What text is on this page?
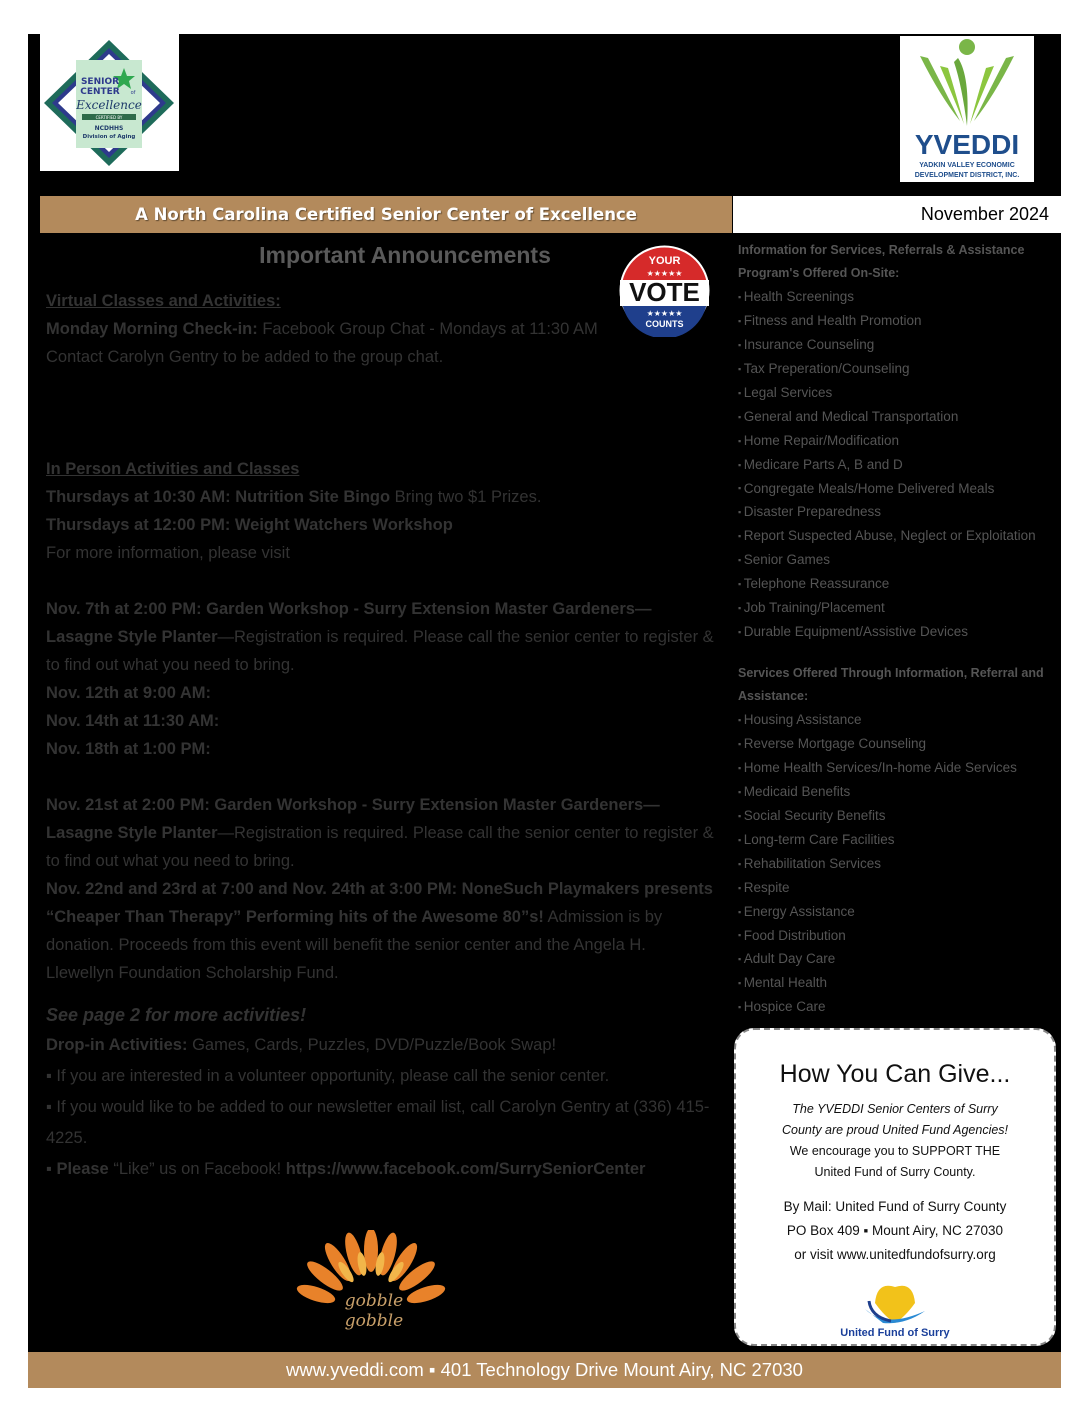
SENIOR
CENTER of
Excellence
CERTIFIED BY
NCDHHS
Division of Aging	YVEDDI
YADKIN VALLEY ECONOMIC
DEVELOPMENT DISTRICT, INC.
A North Carolina Certified Senior Center of Excellence	November 2024
Important Announcements	YOUR
★★★★★
VOTE
★★★★★
COUNTS

Virtual Classes and Activities:

Monday Morning Check-in: Facebook Group Chat - Mondays at 11:30 AM

Contact Carolyn Gentry to be added to the group chat.

In Person Activities and Classes

Thursdays at 10:30 AM: Nutrition Site Bingo Bring two $1 Prizes.

Thursdays at 12:00 PM: Weight Watchers Workshop

For more information, please visit

Nov. 7th at 2:00 PM: Garden Workshop - Surry Extension Master Gardeners—Lasagne Style Planter—Registration is required. Please call the senior center to register & to find out what you need to bring.

Nov. 12th at 9:00 AM:

Nov. 14th at 11:30 AM:

Nov. 18th at 1:00 PM:

Nov. 21st at 2:00 PM: Garden Workshop - Surry Extension Master Gardeners—Lasagne Style Planter—Registration is required. Please call the senior center to register & to find out what you need to bring.

Nov. 22nd and 23rd at 7:00 and Nov. 24th at 3:00 PM: NoneSuch Playmakers presents “Cheaper Than Therapy” Performing hits of the Awesome 80”s! Admission is by donation. Proceeds from this event will benefit the senior center and the Angela H. Llewellyn Foundation Scholarship Fund.

See page 2 for more activities!

Drop-in Activities: Games, Cards, Puzzles, DVD/Puzzle/Book Swap!

▪ If you are interested in a volunteer opportunity, please call the senior center.

▪ If you would like to be added to our newsletter email list, call Carolyn Gentry at (336) 415-4225.

▪ Please “Like” us on Facebook! https://www.facebook.com/SurrySeniorCenter

gobble
gobble
Information for Services, Referrals & Assistance
Program's Offered On-Site:
▪ Health Screenings
▪ Fitness and Health Promotion
▪ Insurance Counseling
▪ Tax Preperation/Counseling
▪ Legal Services
▪ General and Medical Transportation
▪ Home Repair/Modification
▪ Medicare Parts A, B and D
▪ Congregate Meals/Home Delivered Meals
▪ Disaster Preparedness
▪ Report Suspected Abuse, Neglect or Exploitation
▪ Senior Games
▪ Telephone Reassurance
▪ Job Training/Placement
▪ Durable Equipment/Assistive Devices
Services Offered Through Information, Referral and Assistance:
▪ Housing Assistance
▪ Reverse Mortgage Counseling
▪ Home Health Services/In-home Aide Services
▪ Medicaid Benefits
▪ Social Security Benefits
▪ Long-term Care Facilities
▪ Rehabilitation Services
▪ Respite
▪ Energy Assistance
▪ Food Distribution
▪ Adult Day Care
▪ Mental Health
▪ Hospice Care
How You Can Give...
The YVEDDI Senior Centers of Surry
County are proud United Fund Agencies!
We encourage you to SUPPORT THE
United Fund of Surry County.
By Mail: United Fund of Surry County
PO Box 409 ▪ Mount Airy, NC 27030
or visit www.unitedfundofsurry.org
United Fund of Surry
www.yveddi.com ▪ 401 Technology Drive Mount Airy, NC 27030
